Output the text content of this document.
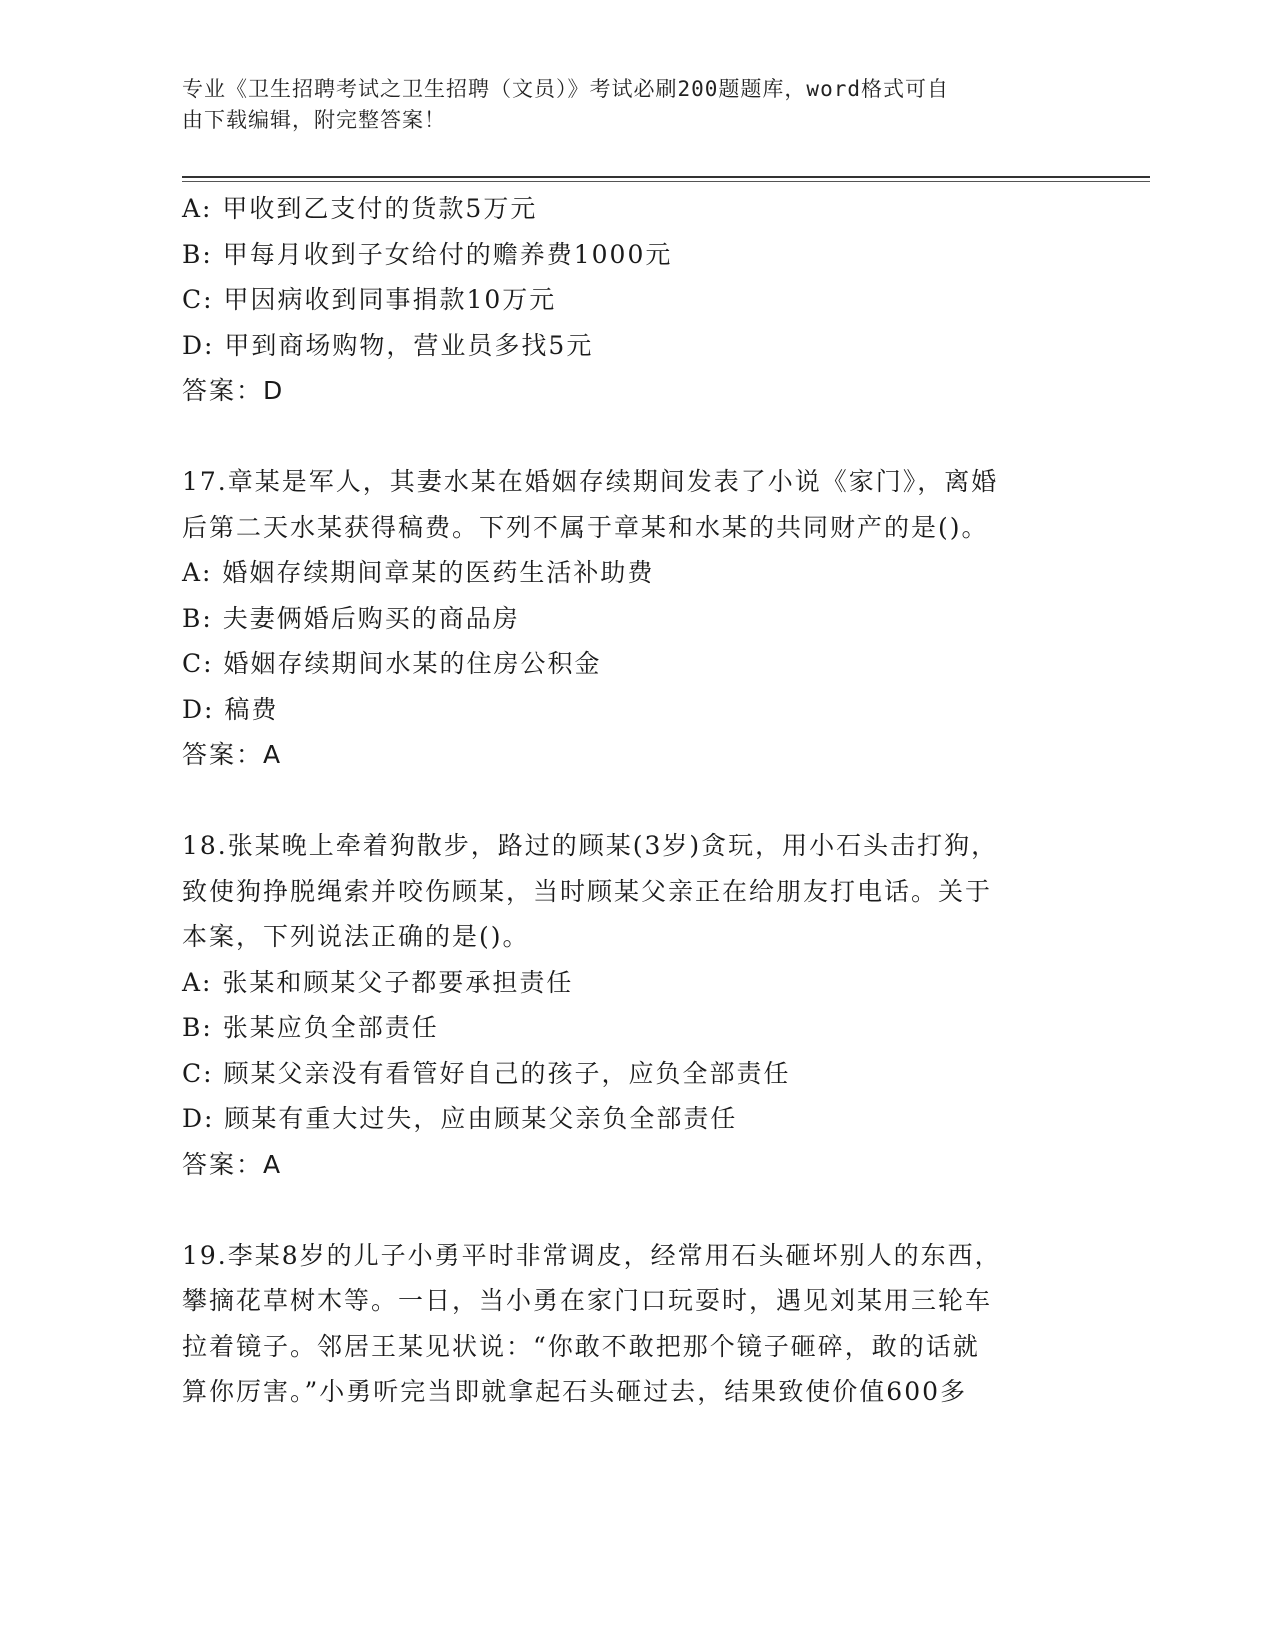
专业《卫生招聘考试之卫生招聘（文员）》考试必刷200题题库，word格式可自
由下载编辑，附完整答案！
A: 甲收到乙支付的货款5万元
B: 甲每月收到子女给付的赡养费1000元
C: 甲因病收到同事捐款10万元
D: 甲到商场购物，营业员多找5元
答案：D
17.章某是军人，其妻水某在婚姻存续期间发表了小说《家门》，离婚
后第二天水某获得稿费。下列不属于章某和水某的共同财产的是()。
A: 婚姻存续期间章某的医药生活补助费
B: 夫妻俩婚后购买的商品房
C: 婚姻存续期间水某的住房公积金
D: 稿费
答案：A
18.张某晚上牵着狗散步，路过的顾某(3岁)贪玩，用小石头击打狗，
致使狗挣脱绳索并咬伤顾某，当时顾某父亲正在给朋友打电话。关于
本案，下列说法正确的是()。
A: 张某和顾某父子都要承担责任
B: 张某应负全部责任
C: 顾某父亲没有看管好自己的孩子，应负全部责任
D: 顾某有重大过失，应由顾某父亲负全部责任
答案：A
19.李某8岁的儿子小勇平时非常调皮，经常用石头砸坏别人的东西，
攀摘花草树木等。一日，当小勇在家门口玩耍时，遇见刘某用三轮车
拉着镜子。邻居王某见状说：“你敢不敢把那个镜子砸碎，敢的话就
算你厉害。”小勇听完当即就拿起石头砸过去，结果致使价值600多
